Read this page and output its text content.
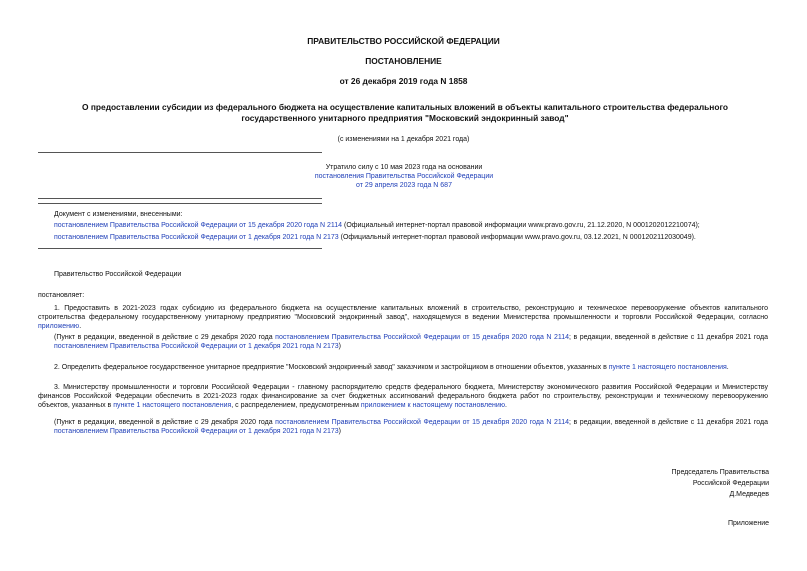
ПРАВИТЕЛЬСТВО РОССИЙСКОЙ ФЕДЕРАЦИИ
ПОСТАНОВЛЕНИЕ
от 26 декабря 2019 года N 1858
О предоставлении субсидии из федерального бюджета на осуществление капитальных вложений в объекты капитального строительства федерального государственного унитарного предприятия "Московский эндокринный завод"
(с изменениями на 1 декабря 2021 года)
Утратило силу с 10 мая 2023 года на основании
постановления Правительства Российской Федерации
от 29 апреля 2023 года N 687
Документ с изменениями, внесенными:
постановлением Правительства Российской Федерации от 15 декабря 2020 года N 2114 (Официальный интернет-портал правовой информации www.pravo.gov.ru, 21.12.2020, N 0001202012210074);
постановлением Правительства Российской Федерации от 1 декабря 2021 года N 2173 (Официальный интернет-портал правовой информации www.pravo.gov.ru, 03.12.2021, N 0001202112030049).
Правительство Российской Федерации
постановляет:
1. Предоставить в 2021-2023 годах субсидию из федерального бюджета на осуществление капитальных вложений в строительство, реконструкцию и техническое перевооружение объектов капитального строительства федеральному государственному унитарному предприятию "Московский эндокринный завод", находящемуся в ведении Министерства промышленности и торговли Российской Федерации, согласно приложению.
(Пункт в редакции, введенной в действие с 29 декабря 2020 года постановлением Правительства Российской Федерации от 15 декабря 2020 года N 2114; в редакции, введенной в действие с 11 декабря 2021 года постановлением Правительства Российской Федерации от 1 декабря 2021 года N 2173)
2. Определить федеральное государственное унитарное предприятие "Московский эндокринный завод" заказчиком и застройщиком в отношении объектов, указанных в пункте 1 настоящего постановления.
3. Министерству промышленности и торговли Российской Федерации - главному распорядителю средств федерального бюджета, Министерству экономического развития Российской Федерации и Министерству финансов Российской Федерации обеспечить в 2021-2023 годах финансирование за счет бюджетных ассигнований федерального бюджета работ по строительству, реконструкции и техническому перевооружению объектов, указанных в пункте 1 настоящего постановления, с распределением, предусмотренным приложением к настоящему постановлению.
(Пункт в редакции, введенной в действие с 29 декабря 2020 года постановлением Правительства Российской Федерации от 15 декабря 2020 года N 2114; в редакции, введенной в действие с 11 декабря 2021 года постановлением Правительства Российской Федерации от 1 декабря 2021 года N 2173)
Председатель Правительства
Российской Федерации
Д.Медведев
Приложение
